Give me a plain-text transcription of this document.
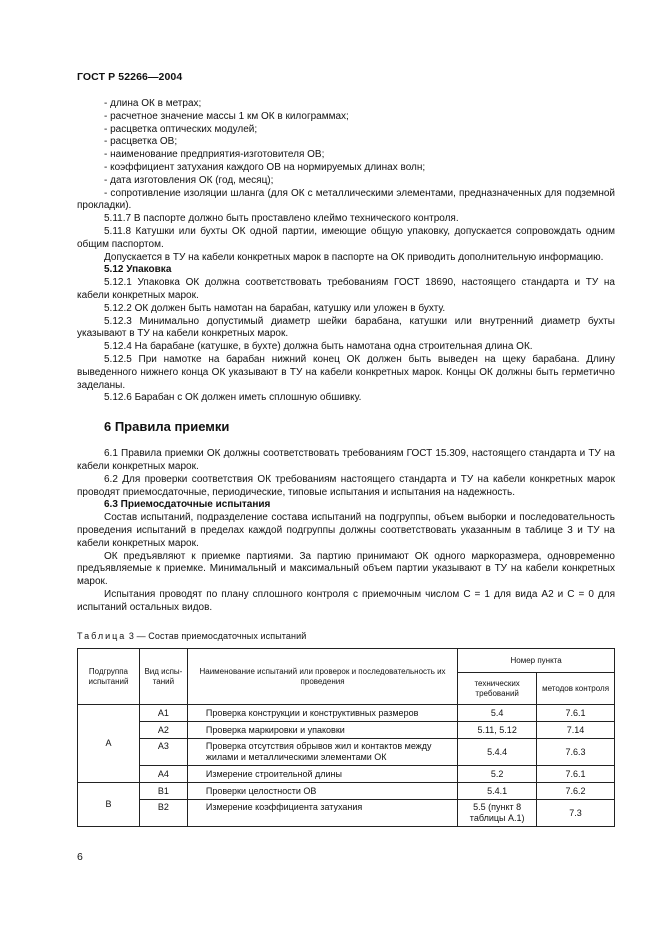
ГОСТ Р 52266—2004

- длина ОК в метрах;

- расчетное значение массы 1 км ОК в килограммах;

- расцветка оптических модулей;

- расцветка ОВ;

- наименование предприятия-изготовителя ОВ;

- коэффициент затухания каждого ОВ на нормируемых длинах волн;

- дата изготовления ОК (год, месяц);

- сопротивление изоляции шланга (для ОК с металлическими элементами, предназначенных для подземной прокладки).

5.11.7 В паспорте должно быть проставлено клеймо технического контроля.

5.11.8 Катушки или бухты ОК одной партии, имеющие общую упаковку, допускается сопровождать одним общим паспортом.

Допускается в ТУ на кабели конкретных марок в паспорте на ОК приводить дополнительную информацию.

5.12 Упаковка

5.12.1 Упаковка ОК должна соответствовать требованиям ГОСТ 18690, настоящего стандарта и ТУ на кабели конкретных марок.

5.12.2 ОК должен быть намотан на барабан, катушку или уложен в бухту.

5.12.3 Минимально допустимый диаметр шейки барабана, катушки или внутренний диаметр бухты указывают в ТУ на кабели конкретных марок.

5.12.4 На барабане (катушке, в бухте) должна быть намотана одна строительная длина ОК.

5.12.5 При намотке на барабан нижний конец ОК должен быть выведен на щеку барабана. Длину выведенного нижнего конца ОК указывают в ТУ на кабели конкретных марок. Концы ОК должны быть герметично заделаны.

5.12.6 Барабан с ОК должен иметь сплошную обшивку.

6 Правила приемки

6.1 Правила приемки ОК должны соответствовать требованиям ГОСТ 15.309, настоящего стандарта и ТУ на кабели конкретных марок.

6.2 Для проверки соответствия ОК требованиям настоящего стандарта и ТУ на кабели конкретных марок проводят приемосдаточные, периодические, типовые испытания и испытания на надежность.

6.3 Приемосдаточные испытания

Состав испытаний, подразделение состава испытаний на подгруппы, объем выборки и последовательность проведения испытаний в пределах каждой подгруппы должны соответствовать указанным в таблице 3 и ТУ на кабели конкретных марок.

ОК предъявляют к приемке партиями. За партию принимают ОК одного маркоразмера, одновременно предъявляемые к приемке. Минимальный и максимальный объем партии указывают в ТУ на кабели конкретных марок.

Испытания проводят по плану сплошного контроля с приемочным числом C = 1 для вида А2 и C = 0 для испытаний остальных видов.

Таблица 3 — Состав приемосдаточных испытаний

Подгруппа испытаний	Вид испы-таний	Наименование испытаний или проверок и последовательность их проведения	Номер пункта	
			технических требований	методов контроля
А	А1	Проверка конструкции и конструктивных размеров	5.4	7.6.1
	А2	Проверка маркировки и упаковки	5.11, 5.12	7.14
	А3	Проверка отсутствия обрывов жил и контактов между жилами и металлическими элементами ОК	5.4.4	7.6.3
	А4	Измерение строительной длины	5.2	7.6.1
В	В1	Проверки целостности ОВ	5.4.1	7.6.2
	В2	Измерение коэффициента затухания	5.5 (пункт 8 таблицы А.1)	7.3
6
